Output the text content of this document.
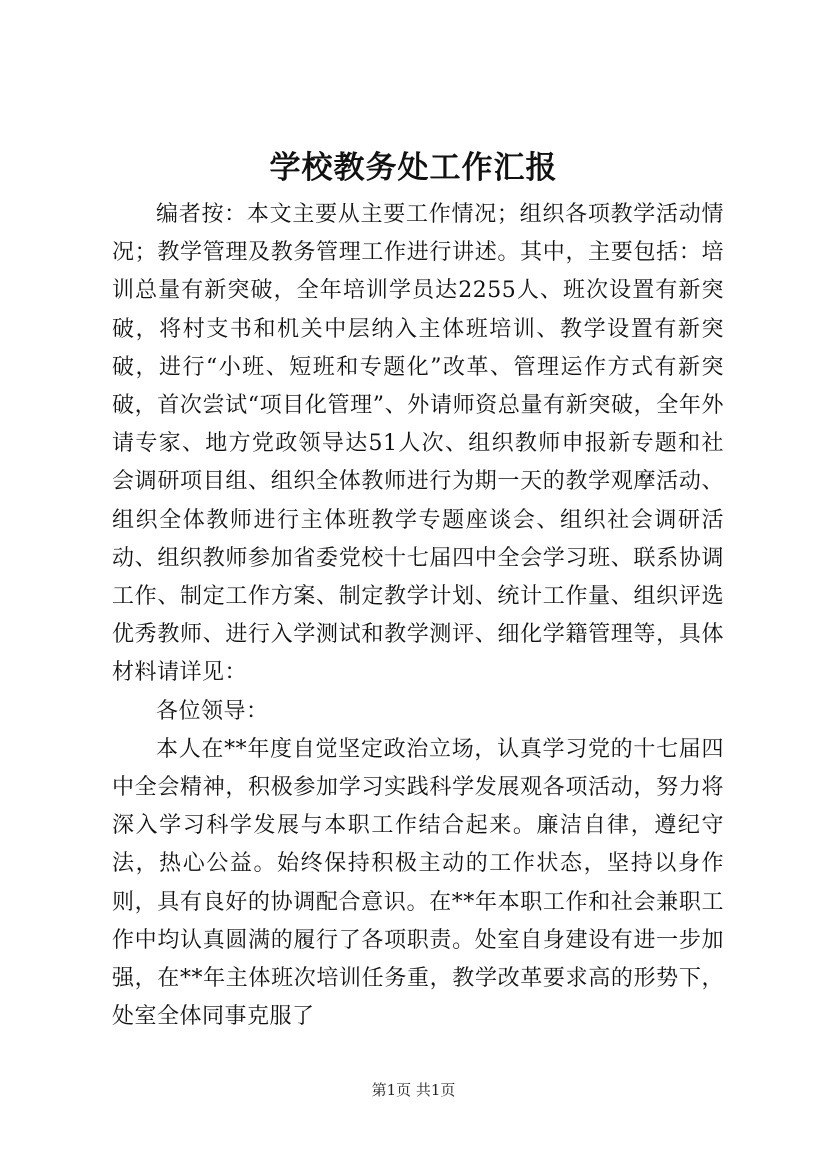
学校教务处工作汇报

编者按：本文主要从主要工作情况；组织各项教学活动情况；教学管理及教务管理工作进行讲述。其中，主要包括：培训总量有新突破，全年培训学员达2255人、班次设置有新突破，将村支书和机关中层纳入主体班培训、教学设置有新突破，进行“小班、短班和专题化”改革、管理运作方式有新突破，首次尝试“项目化管理”、外请师资总量有新突破，全年外请专家、地方党政领导达51人次、组织教师申报新专题和社会调研项目组、组织全体教师进行为期一天的教学观摩活动、组织全体教师进行主体班教学专题座谈会、组织社会调研活动、组织教师参加省委党校十七届四中全会学习班、联系协调工作、制定工作方案、制定教学计划、统计工作量、组织评选优秀教师、进行入学测试和教学测评、细化学籍管理等，具体材料请详见：

各位领导：

本人在**年度自觉坚定政治立场，认真学习党的十七届四中全会精神，积极参加学习实践科学发展观各项活动，努力将深入学习科学发展与本职工作结合起来。廉洁自律，遵纪守法，热心公益。始终保持积极主动的工作状态，坚持以身作则，具有良好的协调配合意识。在**年本职工作和社会兼职工作中均认真圆满的履行了各项职责。处室自身建设有进一步加强，在**年主体班次培训任务重，教学改革要求高的形势下，处室全体同事克服了

第1页 共1页
